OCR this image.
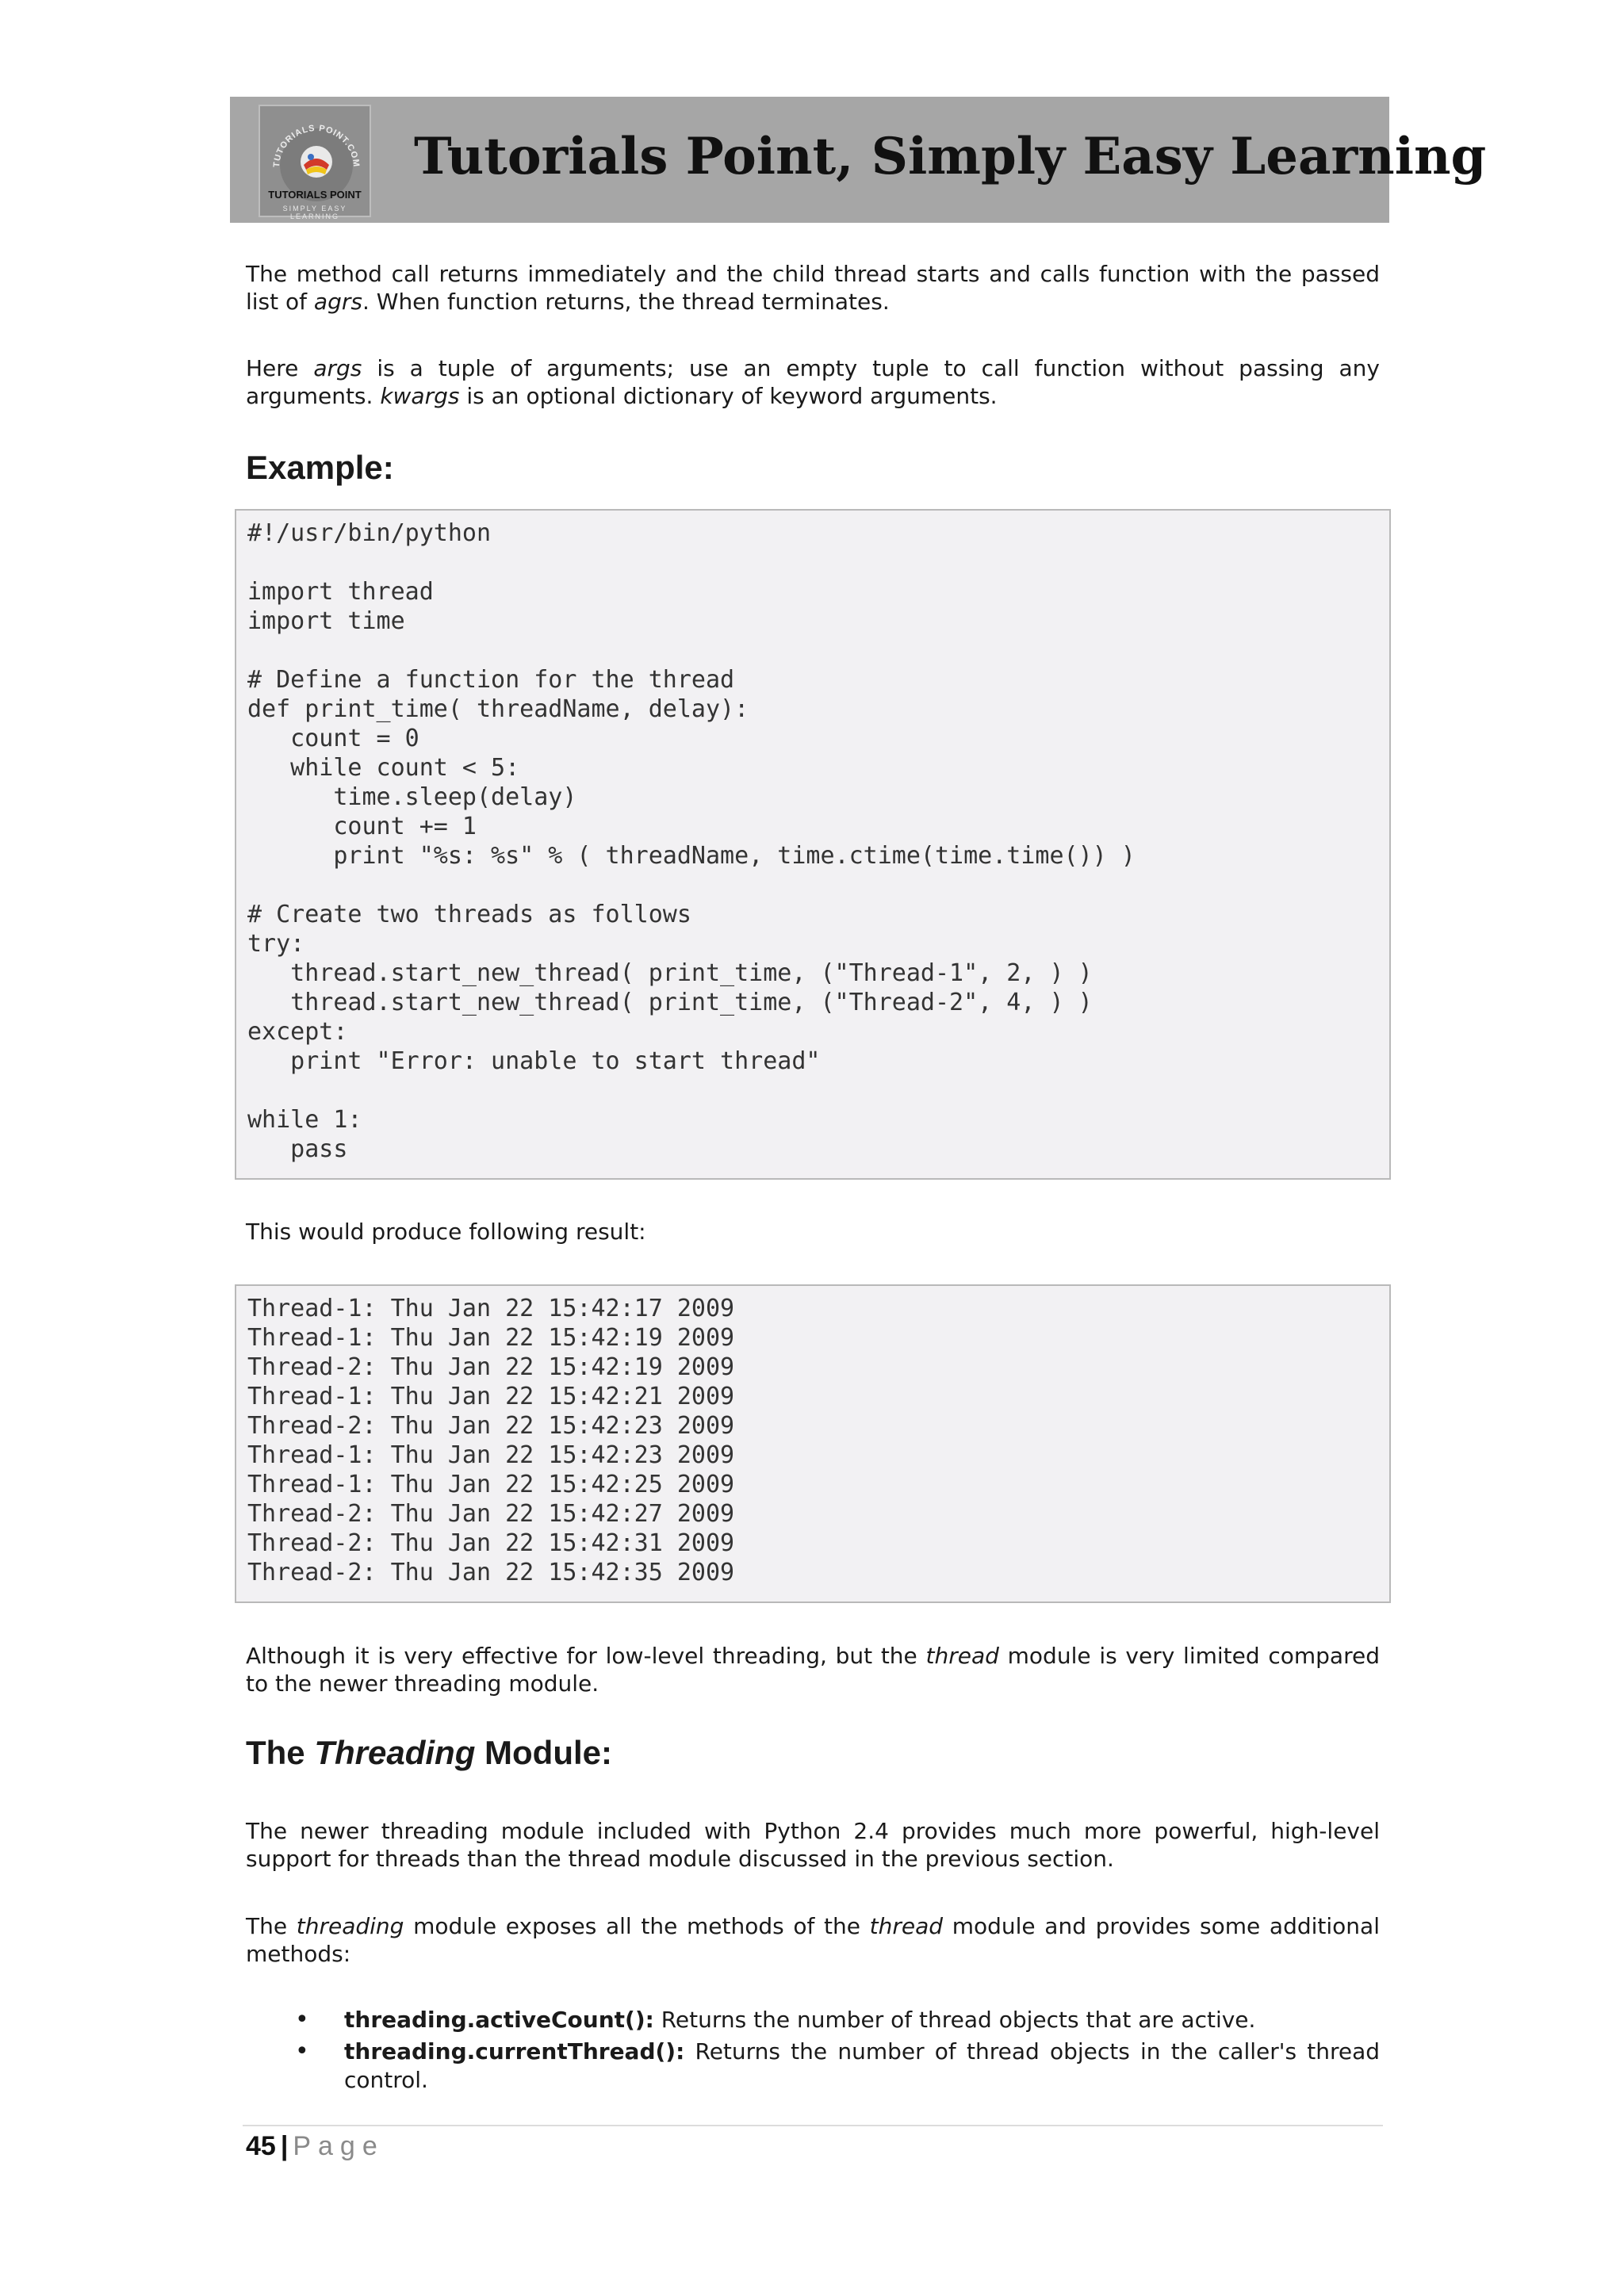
TUTORIALS POINT.COM
TUTORIALS POINT
SIMPLY EASY LEARNING
Tutorials Point, Simply Easy Learning

The method call returns immediately and the child thread starts and calls function with the passed list of agrs. When function returns, the thread terminates.

Here args is a tuple of arguments; use an empty tuple to call function without passing any arguments. kwargs is an optional dictionary of keyword arguments.

Example:
#!/usr/bin/python

import thread
import time

# Define a function for the thread
def print_time( threadName, delay):
count = 0
while count < 5:
time.sleep(delay)
count += 1
print "%s: %s" % ( threadName, time.ctime(time.time()) )

# Create two threads as follows
try:
thread.start_new_thread( print_time, ("Thread-1", 2, ) )
thread.start_new_thread( print_time, ("Thread-2", 4, ) )
except:
print "Error: unable to start thread"

while 1:
pass

This would produce following result:

Thread-1: Thu Jan 22 15:42:17 2009
Thread-1: Thu Jan 22 15:42:19 2009
Thread-2: Thu Jan 22 15:42:19 2009
Thread-1: Thu Jan 22 15:42:21 2009
Thread-2: Thu Jan 22 15:42:23 2009
Thread-1: Thu Jan 22 15:42:23 2009
Thread-1: Thu Jan 22 15:42:25 2009
Thread-2: Thu Jan 22 15:42:27 2009
Thread-2: Thu Jan 22 15:42:31 2009
Thread-2: Thu Jan 22 15:42:35 2009

Although it is very effective for low-level threading, but the thread module is very limited compared to the newer threading module.

The Threading Module:

The newer threading module included with Python 2.4 provides much more powerful, high-level support for threads than the thread module discussed in the previous section.

The threading module exposes all the methods of the thread module and provides some additional methods:

• threading.activeCount(): Returns the number of thread objects that are active.
• threading.currentThread(): Returns the number of thread objects in the caller's thread control.
45 | Page
